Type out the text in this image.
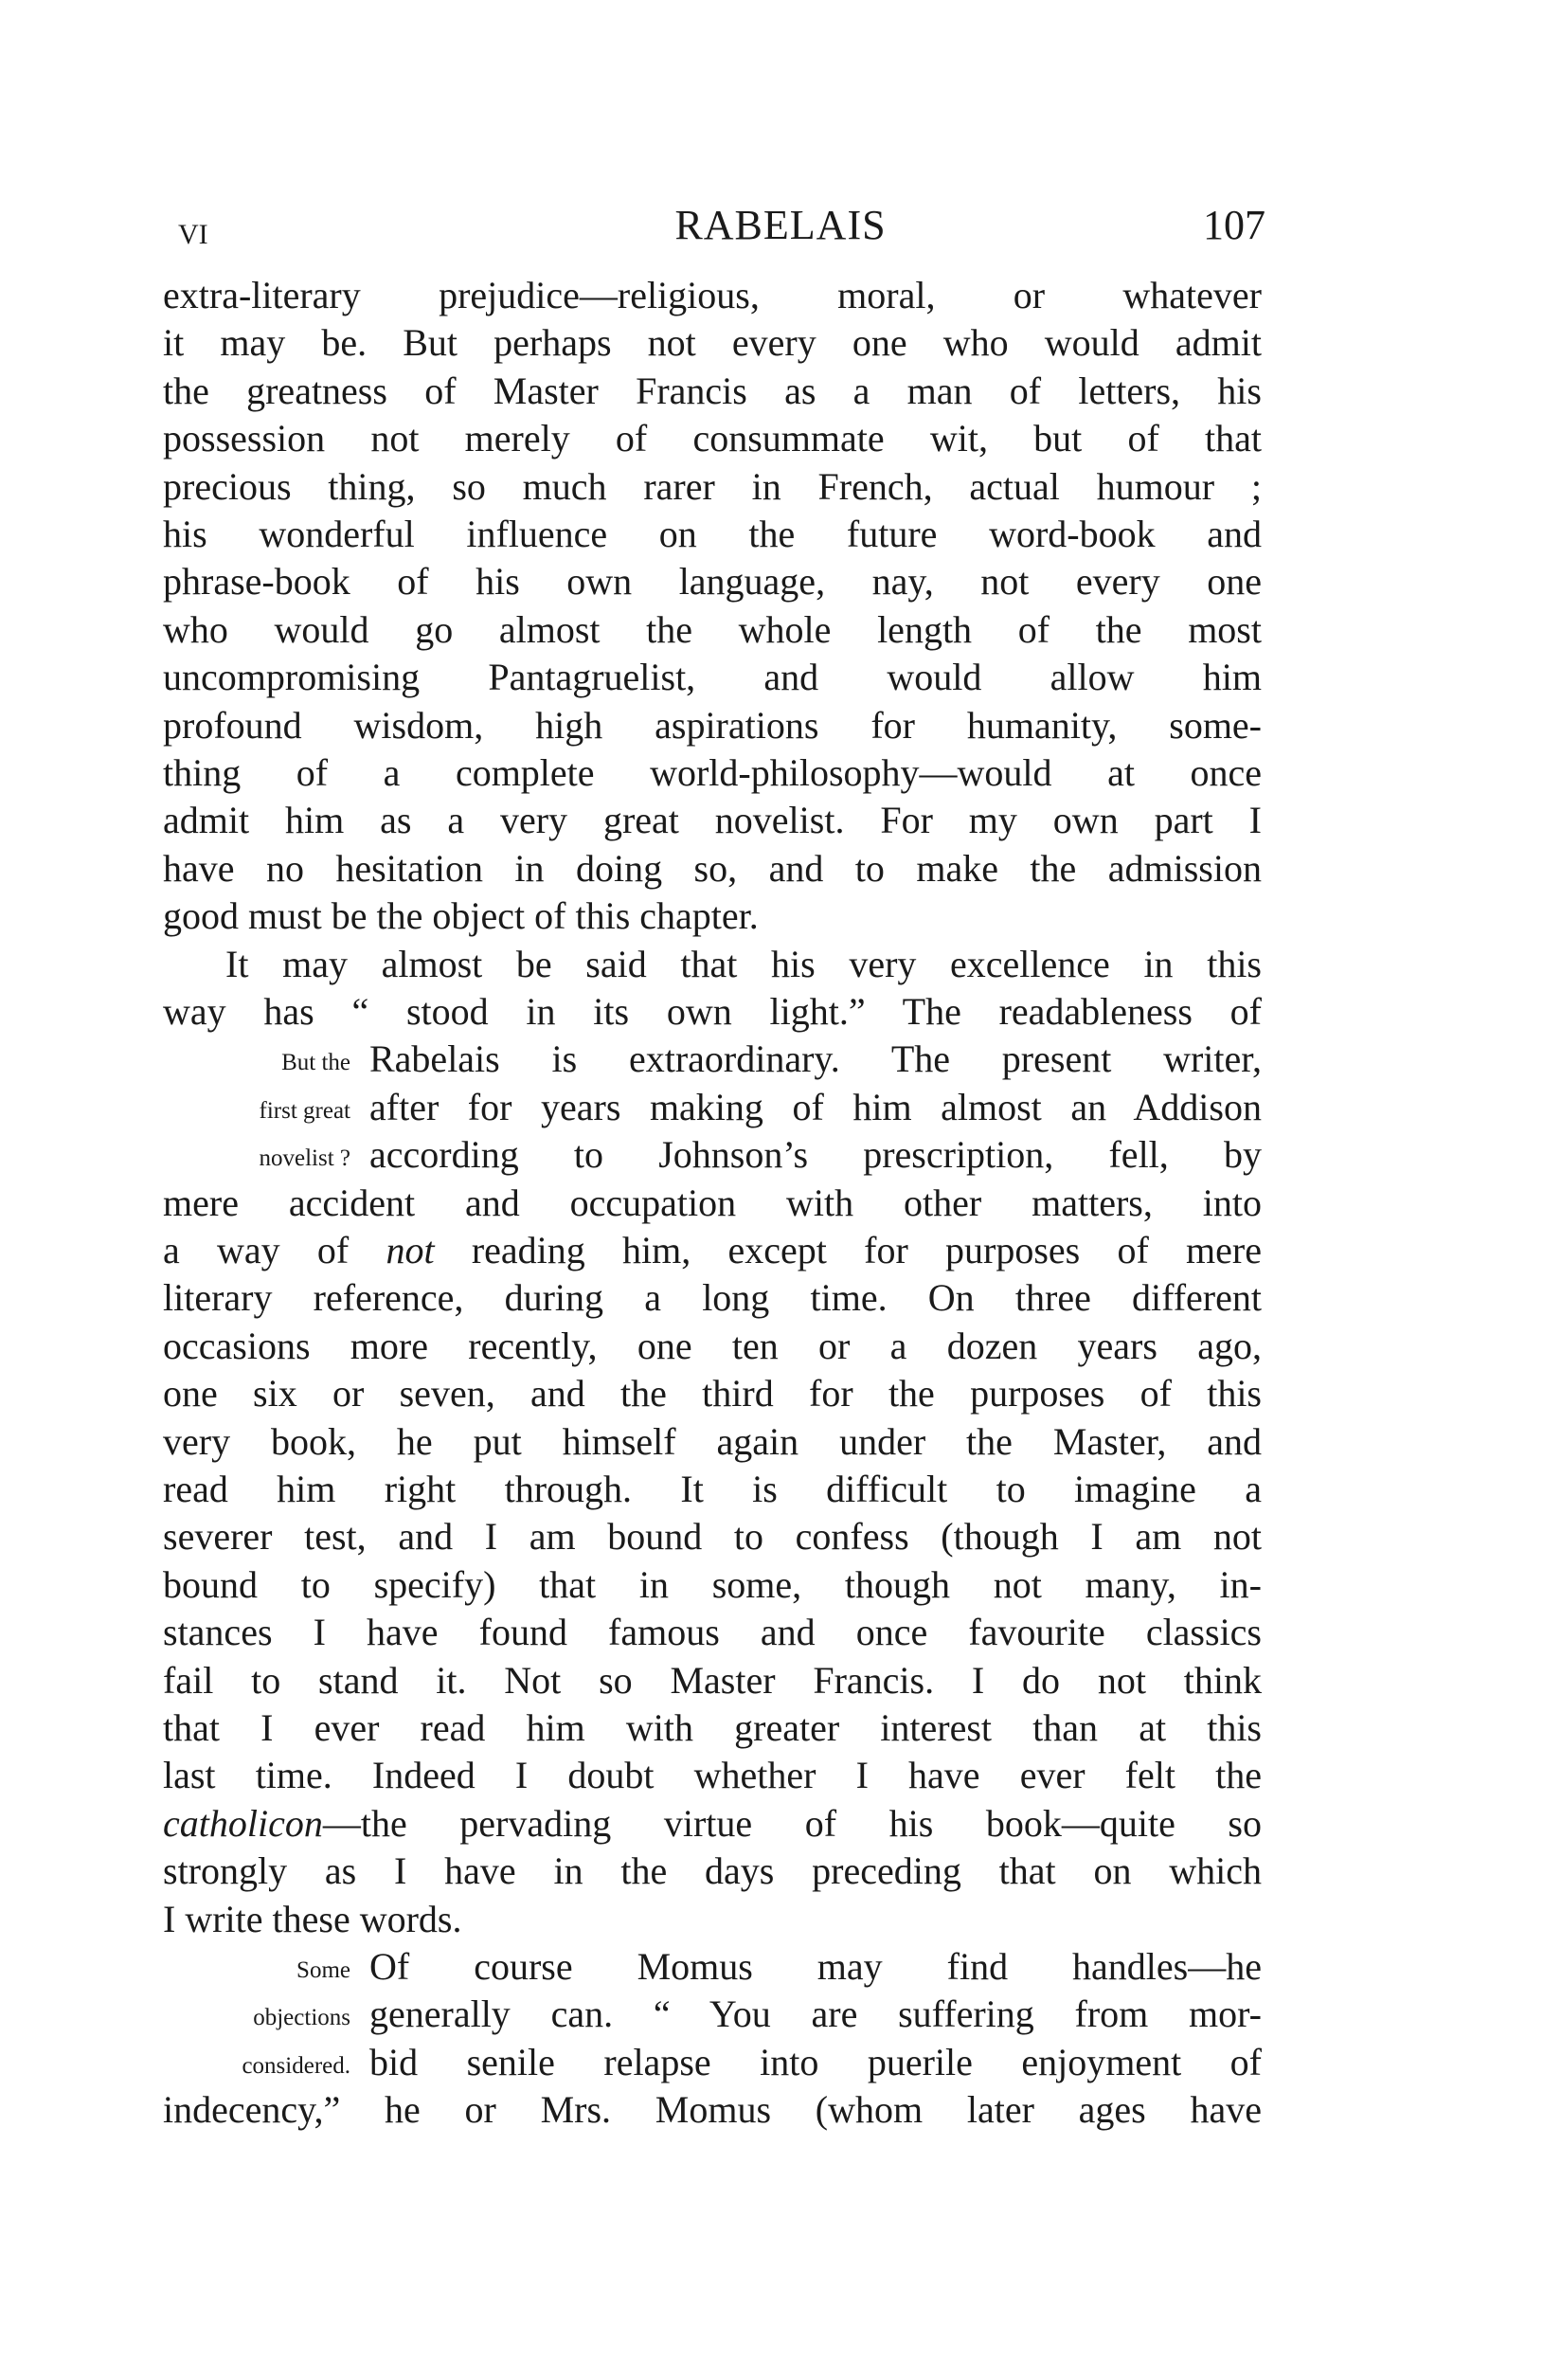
VI	RABELAIS	107
extra-literary prejudice—religious, moral, or whatever
it may be. But perhaps not every one who would admit
the greatness of Master Francis as a man of letters, his
possession not merely of consummate wit, but of that
precious thing, so much rarer in French, actual humour ;
his wonderful influence on the future word-book and
phrase-book of his own language, nay, not every one
who would go almost the whole length of the most
uncompromising Pantagruelist, and would allow him
profound wisdom, high aspirations for humanity, some-
thing of a complete world-philosophy—would at once
admit him as a very great novelist. For my own part I
have no hesitation in doing so, and to make the admission
good must be the object of this chapter.
It may almost be said that his very excellence in this
way has “ stood in its own light.” The readableness of
Rabelais is extraordinary. The present writer,
after for years making of him almost an Addison
according to Johnson’s prescription, fell, by
mere accident and occupation with other matters, into
a way of not reading him, except for purposes of mere
literary reference, during a long time. On three different
occasions more recently, one ten or a dozen years ago,
one six or seven, and the third for the purposes of this
very book, he put himself again under the Master, and
read him right through. It is difficult to imagine a
severer test, and I am bound to confess (though I am not
bound to specify) that in some, though not many, in-
stances I have found famous and once favourite classics
fail to stand it. Not so Master Francis. I do not think
that I ever read him with greater interest than at this
last time. Indeed I doubt whether I have ever felt the
catholicon—the pervading virtue of his book—quite so
strongly as I have in the days preceding that on which
I write these words.
Of course Momus may find handles—he
generally can. “ You are suffering from mor-
bid senile relapse into puerile enjoyment of
indecency,” he or Mrs. Momus (whom later ages have
But the
first great
novelist ?
Some
objections
considered.
